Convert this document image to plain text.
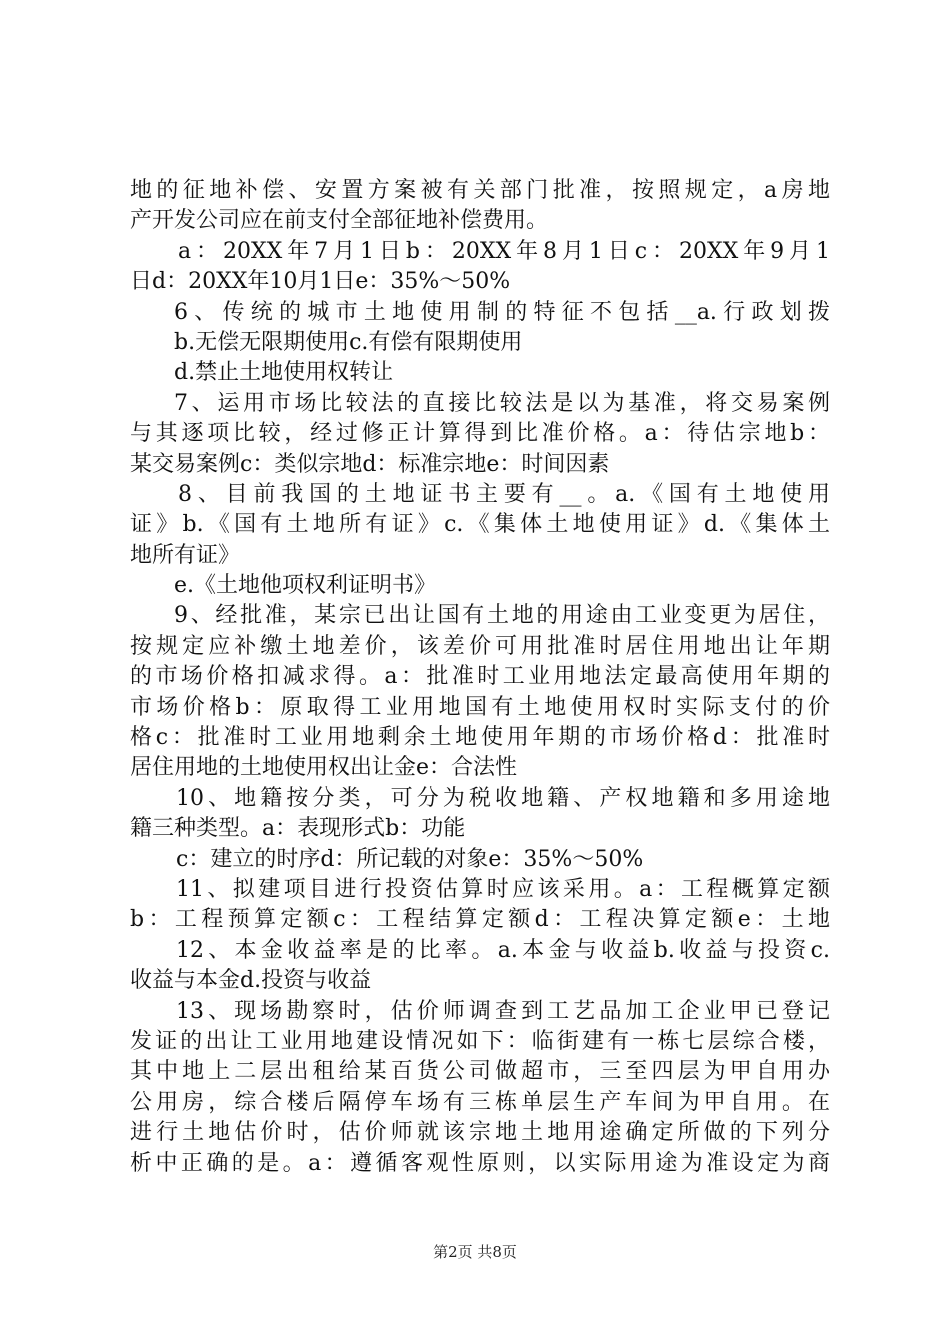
地的征地补偿、安置方案被有关部门批准，按照规定，a房地
产开发公司应在前支付全部征地补偿费用。
a：20XX年7月1日b：20XX年8月1日c：20XX年9月1
日d：20XX年10月1日e：35%～50%
6、传统的城市土地使用制的特征不包括__a.行政划拨
b.无偿无限期使用c.有偿有限期使用
d.禁止土地使用权转让
7、运用市场比较法的直接比较法是以为基准，将交易案例
与其逐项比较，经过修正计算得到比准价格。a：待估宗地b：
某交易案例c：类似宗地d：标准宗地e：时间因素
8、目前我国的土地证书主要有__。a.《国有土地使用
证》b.《国有土地所有证》c.《集体土地使用证》d.《集体土
地所有证》
e.《土地他项权利证明书》
9、经批准，某宗已出让国有土地的用途由工业变更为居住，
按规定应补缴土地差价，该差价可用批准时居住用地出让年期
的市场价格扣减求得。a：批准时工业用地法定最高使用年期的
市场价格b：原取得工业用地国有土地使用权时实际支付的价
格c：批准时工业用地剩余土地使用年期的市场价格d：批准时
居住用地的土地使用权出让金e：合法性
10、地籍按分类，可分为税收地籍、产权地籍和多用途地
籍三种类型。a：表现形式b：功能
c：建立的时序d：所记载的对象e：35%～50%
11、拟建项目进行投资估算时应该采用。a：工程概算定额
b：工程预算定额c：工程结算定额d：工程决算定额e：土地
12、本金收益率是的比率。a.本金与收益b.收益与投资c.
收益与本金d.投资与收益
13、现场勘察时，估价师调查到工艺品加工企业甲已登记
发证的出让工业用地建设情况如下：临街建有一栋七层综合楼，
其中地上二层出租给某百货公司做超市，三至四层为甲自用办
公用房，综合楼后隔停车场有三栋单层生产车间为甲自用。在
进行土地估价时，估价师就该宗地土地用途确定所做的下列分
析中正确的是。a：遵循客观性原则，以实际用途为准设定为商
第2页 共8页
